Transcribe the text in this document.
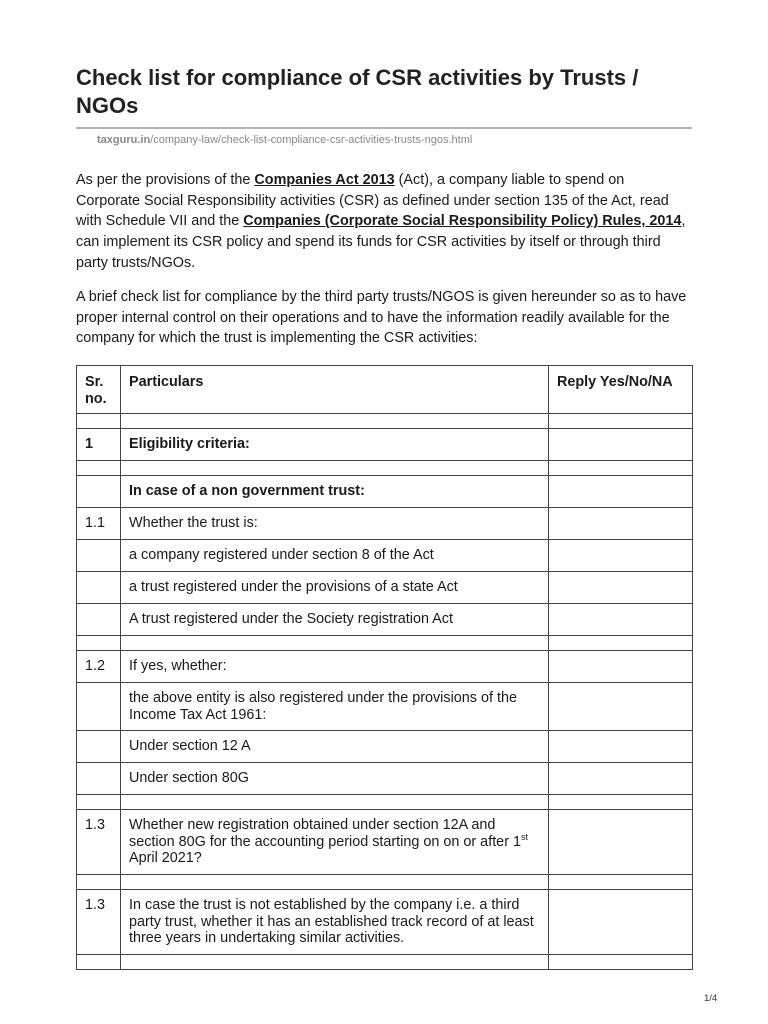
Check list for compliance of CSR activities by Trusts / NGOs
taxguru.in/company-law/check-list-compliance-csr-activities-trusts-ngos.html

As per the provisions of the Companies Act 2013 (Act), a company liable to spend on Corporate Social Responsibility activities (CSR) as defined under section 135 of the Act, read with Schedule VII and the Companies (Corporate Social Responsibility Policy) Rules, 2014, can implement its CSR policy and spend its funds for CSR activities by itself or through third party trusts/NGOs.

A brief check list for compliance by the third party trusts/NGOS is given hereunder so as to have proper internal control on their operations and to have the information readily available for the company for which the trust is implementing the CSR activities:

Sr. no.	Particulars	Reply Yes/No/NA

1	Eligibility criteria:	

	In case of a non government trust:	
1.1	Whether the trust is:	
	a company registered under section 8 of the Act	
	a trust registered under the provisions of a state Act	
	A trust registered under the Society registration Act	

1.2	If yes, whether:	
	the above entity is also registered under the provisions of the Income Tax Act 1961:	
	Under section 12 A	
	Under section 80G	

1.3	Whether new registration obtained under section 12A and section 80G for the accounting period starting on on or after 1st April 2021?	

1.3	In case the trust is not established by the company i.e. a third party trust, whether it has an established track record of at least three years in undertaking similar activities.	

1/4
